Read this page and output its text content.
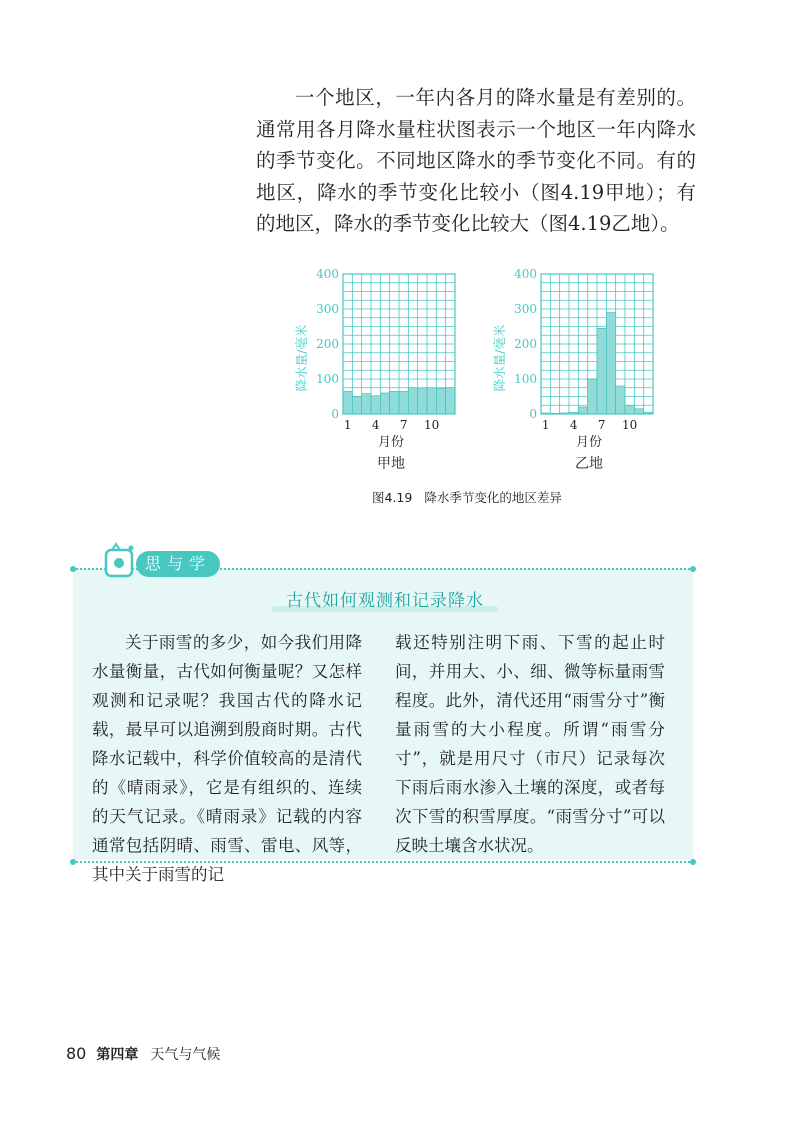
一个地区，一年内各月的降水量是有差别的。通常用各月降水量柱状图表示一个地区一年内降水的季节变化。不同地区降水的季节变化不同。有的地区，降水的季节变化比较小（图4.19甲地）；有的地区，降水的季节变化比较大（图4.19乙地）。

0
100
200
300
400
1 4 7 10
月份
降水量/毫米
甲地
0
100
200
300
400
1 4 7 10
月份
降水量/毫米
乙地
图4.19 降水季节变化的地区差异
思与学
古代如何观测和记录降水

关于雨雪的多少，如今我们用降水量衡量，古代如何衡量呢？又怎样观测和记录呢？我国古代的降水记载，最早可以追溯到殷商时期。古代降水记载中，科学价值较高的是清代的《晴雨录》，它是有组织的、连续的天气记录。《晴雨录》记载的内容通常包括阴晴、雨雪、雷电、风等，其中关于雨雪的记

载还特别注明下雨、下雪的起止时间，并用大、小、细、微等标量雨雪程度。此外，清代还用“雨雪分寸”衡量雨雪的大小程度。所谓“雨雪分寸”，就是用尺寸（市尺）记录每次下雨后雨水渗入土壤的深度，或者每次下雪的积雪厚度。“雨雪分寸”可以反映土壤含水状况。

80 第四章 天气与气候
